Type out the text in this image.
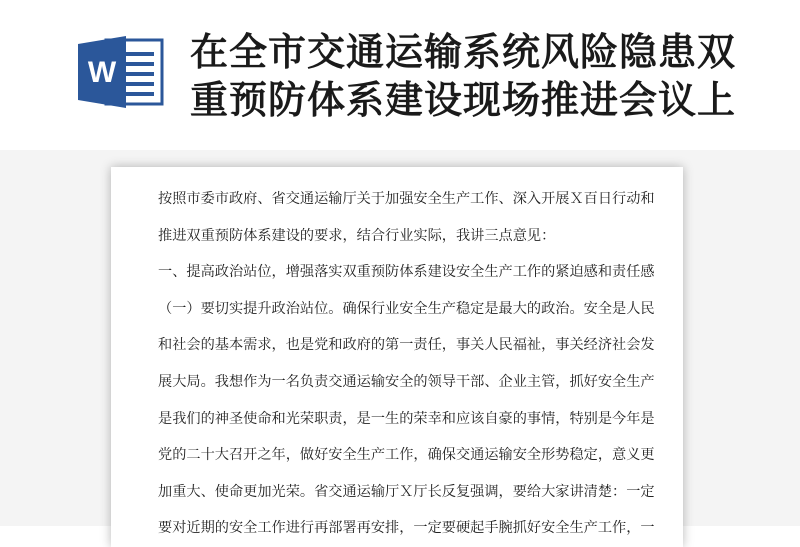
W 在全市交通运输系统风险隐患双
重预防体系建设现场推进会议上
按照市委市政府、省交通运输厅关于加强安全生产工作、深入开展Ｘ百日行动和
推进双重预防体系建设的要求，结合行业实际，我讲三点意见：
一、提高政治站位，增强落实双重预防体系建设安全生产工作的紧迫感和责任感
（一）要切实提升政治站位。确保行业安全生产稳定是最大的政治。安全是人民
和社会的基本需求，也是党和政府的第一责任，事关人民福祉，事关经济社会发
展大局。我想作为一名负责交通运输安全的领导干部、企业主管，抓好安全生产
是我们的神圣使命和光荣职责，是一生的荣幸和应该自豪的事情，特别是今年是
党的二十大召开之年，做好安全生产工作，确保交通运输安全形势稳定，意义更
加重大、使命更加光荣。省交通运输厅Ｘ厅长反复强调，要给大家讲清楚：一定
要对近期的安全工作进行再部署再安排，一定要硬起手腕抓好安全生产工作，一
